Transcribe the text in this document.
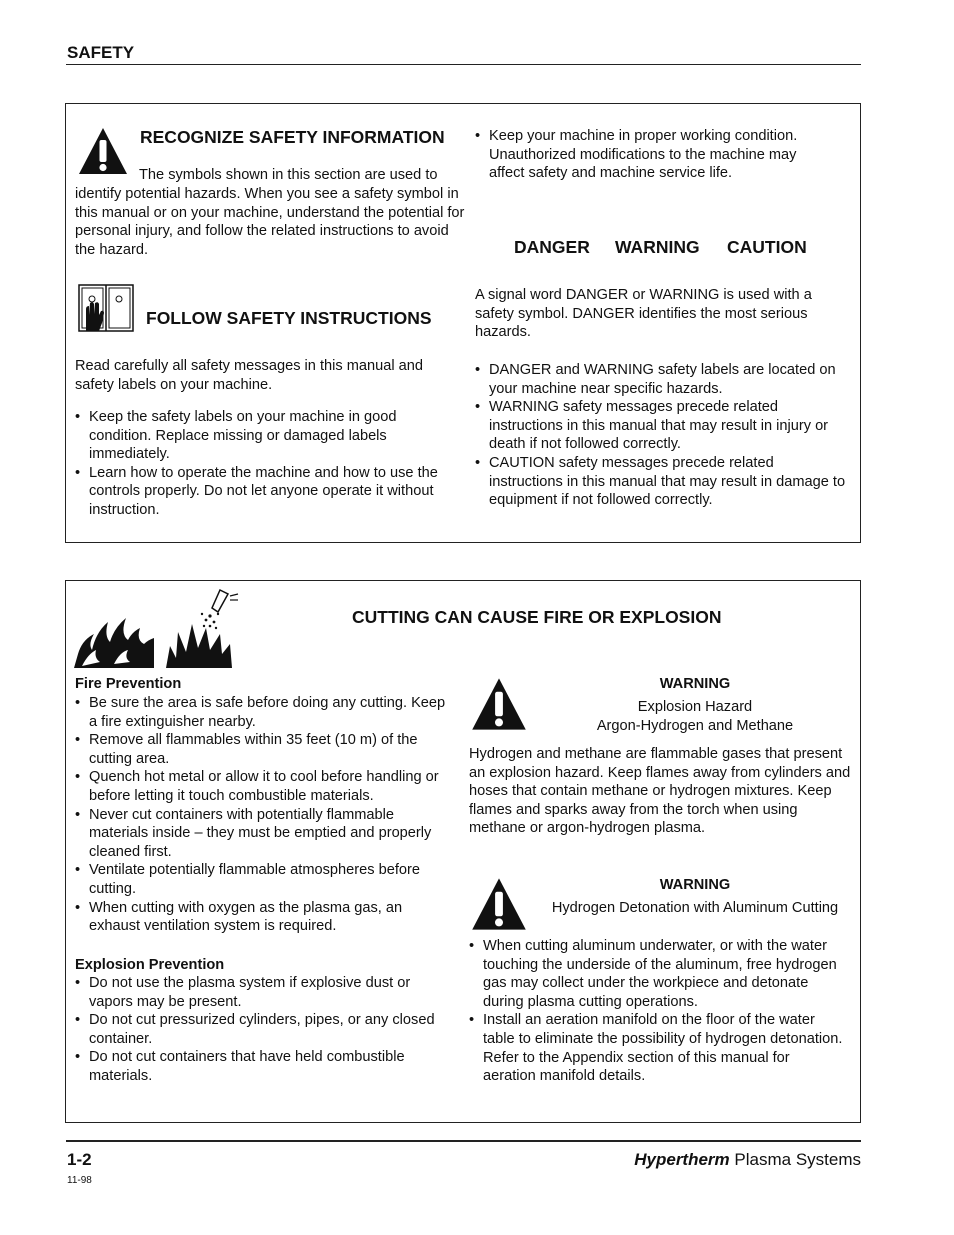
SAFETY
RECOGNIZE SAFETY INFORMATION
The symbols shown in this section are used to
identify potential hazards. When you see a safety symbol in this manual or on your machine, understand the potential for personal injury, and follow the related instructions to avoid the hazard.
FOLLOW SAFETY INSTRUCTIONS
Read carefully all safety messages in this manual and safety labels on your machine.
• Keep the safety labels on your machine in good condition. Replace missing or damaged labels immediately.
• Learn how to operate the machine and how to use the controls properly. Do not let anyone operate it without instruction.
• Keep your machine in proper working condition. Unauthorized modifications to the machine may affect safety and machine service life.
DANGER WARNING CAUTION
A signal word DANGER or WARNING is used with a safety symbol. DANGER identifies the most serious hazards.
• DANGER and WARNING safety labels are located on your machine near specific hazards.
• WARNING safety messages precede related instructions in this manual that may result in injury or death if not followed correctly.
• CAUTION safety messages precede related instructions in this manual that may result in damage to equipment if not followed correctly.
CUTTING CAN CAUSE FIRE OR EXPLOSION
Fire Prevention
• Be sure the area is safe before doing any cutting. Keep a fire extinguisher nearby.
• Remove all flammables within 35 feet (10 m) of the cutting area.
• Quench hot metal or allow it to cool before handling or before letting it touch combustible materials.
• Never cut containers with potentially flammable materials inside – they must be emptied and properly cleaned first.
• Ventilate potentially flammable atmospheres before cutting.
• When cutting with oxygen as the plasma gas, an exhaust ventilation system is required.
Explosion Prevention
• Do not use the plasma system if explosive dust or vapors may be present.
• Do not cut pressurized cylinders, pipes, or any closed container.
• Do not cut containers that have held combustible materials.
WARNING
Explosion Hazard
Argon-Hydrogen and Methane
Hydrogen and methane are flammable gases that present an explosion hazard. Keep flames away from cylinders and hoses that contain methane or hydrogen mixtures. Keep flames and sparks away from the torch when using methane or argon-hydrogen plasma.
WARNING
Hydrogen Detonation with Aluminum Cutting
• When cutting aluminum underwater, or with the water touching the underside of the aluminum, free hydrogen gas may collect under the workpiece and detonate during plasma cutting operations.
• Install an aeration manifold on the floor of the water table to eliminate the possibility of hydrogen detonation. Refer to the Appendix section of this manual for aeration manifold details.
1-2
11-98
Hypertherm Plasma Systems
